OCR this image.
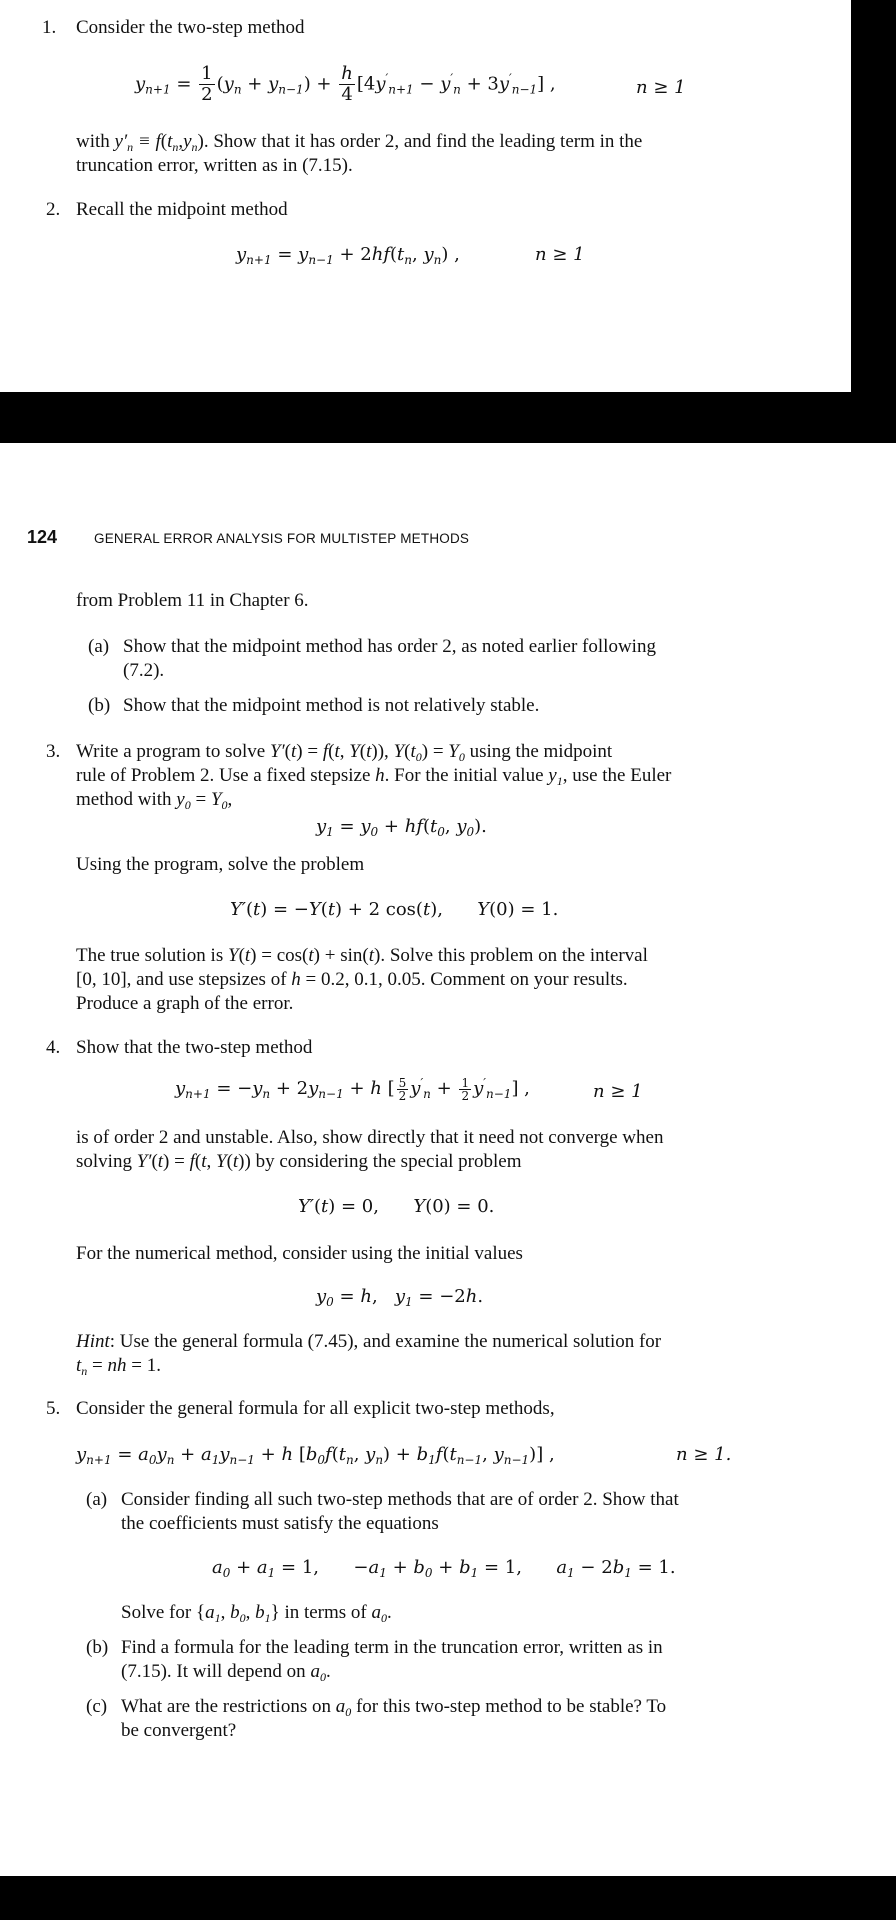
1. Consider the two-step method
$y_{n+1} = \frac{1}{2} (y_n + y_{n-1}) + \frac{h}{4} [4y'_{n+1} - y'_n + 3y'_{n-1}]$ ,	n ≥ 1
with $y'_n \equiv f(t_n,y_n)$. Show that it has order 2, and find the leading term in the
truncation error, written as in (7.15).
2. Recall the midpoint method
$y_{n+1} = y_{n-1} + 2hf(t_n$, $y_n$) ,	n ≥ 1
124	GENERAL ERROR ANALYSIS FOR MULTISTEP METHODS
from Problem 11 in Chapter 6.
(a) Show that the midpoint method has order 2, as noted earlier following
(7.2).
(b) Show that the midpoint method is not relatively stable.
3. Write a program to solve Y′(t) = f(t, Y(t)), $Y(t_0) = Y_0$ using the midpoint
rule of Problem 2. Use a fixed stepsize h. For the initial value $y_1$, use the Euler
method with $y_0 = Y_0$,
$y_1 = y_0 + hf(t_0$, $y_0$).
Using the program, solve the problem
Y′(t) = −Y(t) + 2 cos(t),      Y(0) = 1.
The true solution is Y(t) = cos(t) + sin(t). Solve this problem on the interval
[0, 10], and use stepsizes of h = 0.2, 0.1, 0.05. Comment on your results.
Produce a graph of the error.
4. Show that the two-step method
$y_{n+1} = -y_n + 2y_{n-1} + h$ [ $\frac{5}{2} y'_n + \frac{1}{2} y'_{n-1}$] ,	n ≥ 1
is of order 2 and unstable. Also, show directly that it need not converge when
solving Y′(t) = f(t, Y(t)) by considering the special problem
Y′(t) = 0,      Y(0) = 0.
For the numerical method, consider using the initial values
$y_0 = h$,   $y_1 = -2h$.
Hint: Use the general formula (7.45), and examine the numerical solution for
$t_n$ = nh = 1.
5. Consider the general formula for all explicit two-step methods,
$y_{n+1} = a_0y_n + a_1y_{n-1} + h$ [$b_0f(t_n$, $y_n) + b_1f(t_{n-1}$, $y_{n-1}$)] ,	n ≥ 1.
(a) Consider finding all such two-step methods that are of order 2. Show that
the coefficients must satisfy the equations
$a_0 + a_1 = 1$, $-a_1 + b_0 + b_1 = 1$,      $a_1 - 2b_1 = 1$.
Solve for {$a_1$, $b_0$, $b_1$} in terms of $a_0$.
(b) Find a formula for the leading term in the truncation error, written as in
(7.15). It will depend on $a_0$.
(c) What are the restrictions on $a_0$ for this two-step method to be stable? To
be convergent?
